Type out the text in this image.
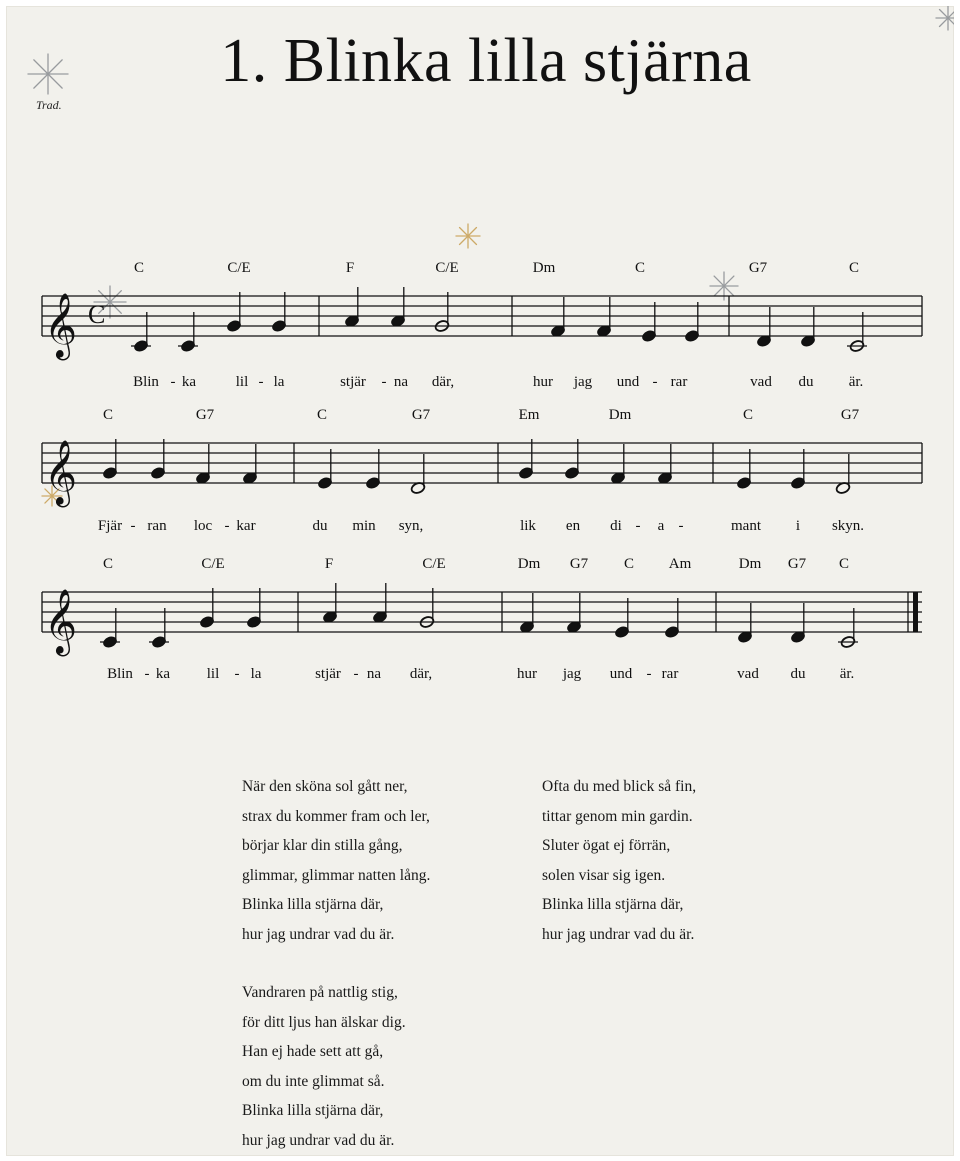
1. Blinka lilla stjärna
Trad.
𝄞 C
C	C/E	F	C/E	Dm	C	G7	C
Blin - ka	lil - la	stjär - na där,	hur jag und - rar	vad du är.
𝄞
C	G7	C	G7	Em	Dm	C	G7
Fjär - ran loc - kar	du min syn,	lik en di - a -	mant i skyn.
𝄞
C	C/E	F	C/E	Dm G7 C Am	Dm G7 C
Blin - ka lil - la	stjär - na där,	hur jag und - rar	vad du är.
När den sköna sol gått ner,
strax du kommer fram och ler,
börjar klar din stilla gång,
glimmar, glimmar natten lång.
Blinka lilla stjärna där,
hur jag undrar vad du är.
Vandraren på nattlig stig,
för ditt ljus han älskar dig.
Han ej hade sett att gå,
om du inte glimmat så.
Blinka lilla stjärna där,
hur jag undrar vad du är.
Ofta du med blick så fin,
tittar genom min gardin.
Sluter ögat ej förrän,
solen visar sig igen.
Blinka lilla stjärna där,
hur jag undrar vad du är.
